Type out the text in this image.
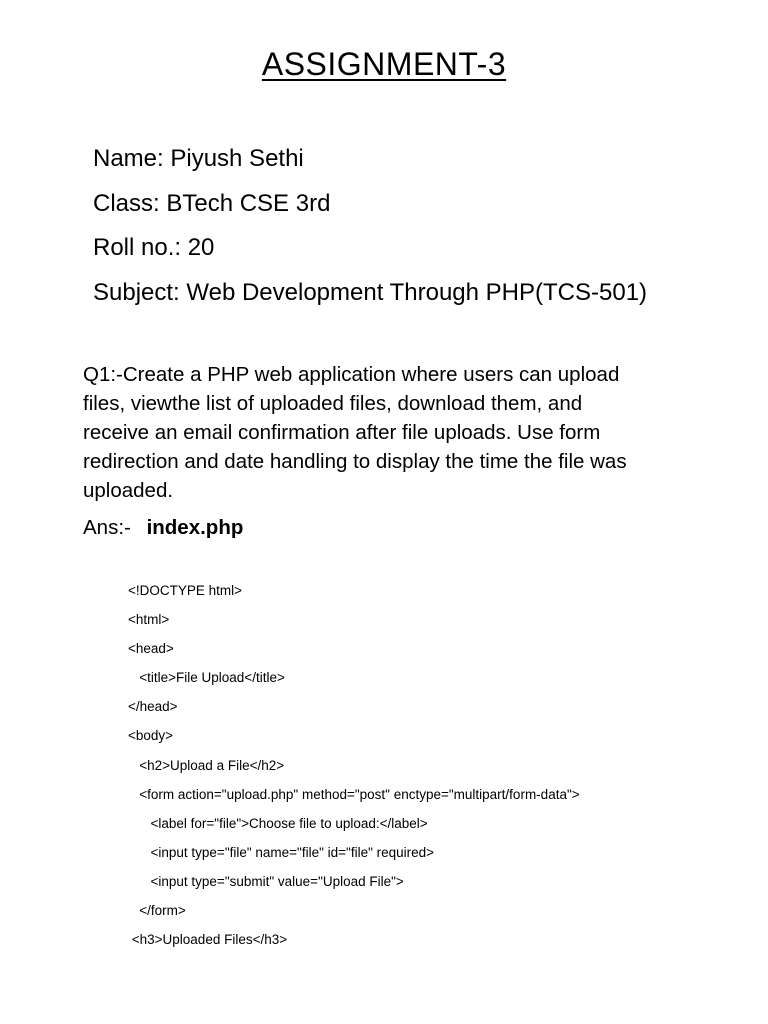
ASSIGNMENT-3
Name: Piyush Sethi
Class: BTech CSE 3rd
Roll no.: 20
Subject: Web Development Through PHP(TCS-501)
Q1:-Create a PHP web application where users can upload
files, viewthe list of uploaded files, download them, and
receive an email confirmation after file uploads. Use form
redirection and date handling to display the time the file was
uploaded.
Ans:- index.php
<!DOCTYPE html>
<html>
<head>
<title>File Upload</title>
</head>
<body>
<h2>Upload a File</h2>
<form action="upload.php" method="post" enctype="multipart/form-data">
<label for="file">Choose file to upload:</label>
<input type="file" name="file" id="file" required>
<input type="submit" value="Upload File">
</form>
<h3>Uploaded Files</h3>
